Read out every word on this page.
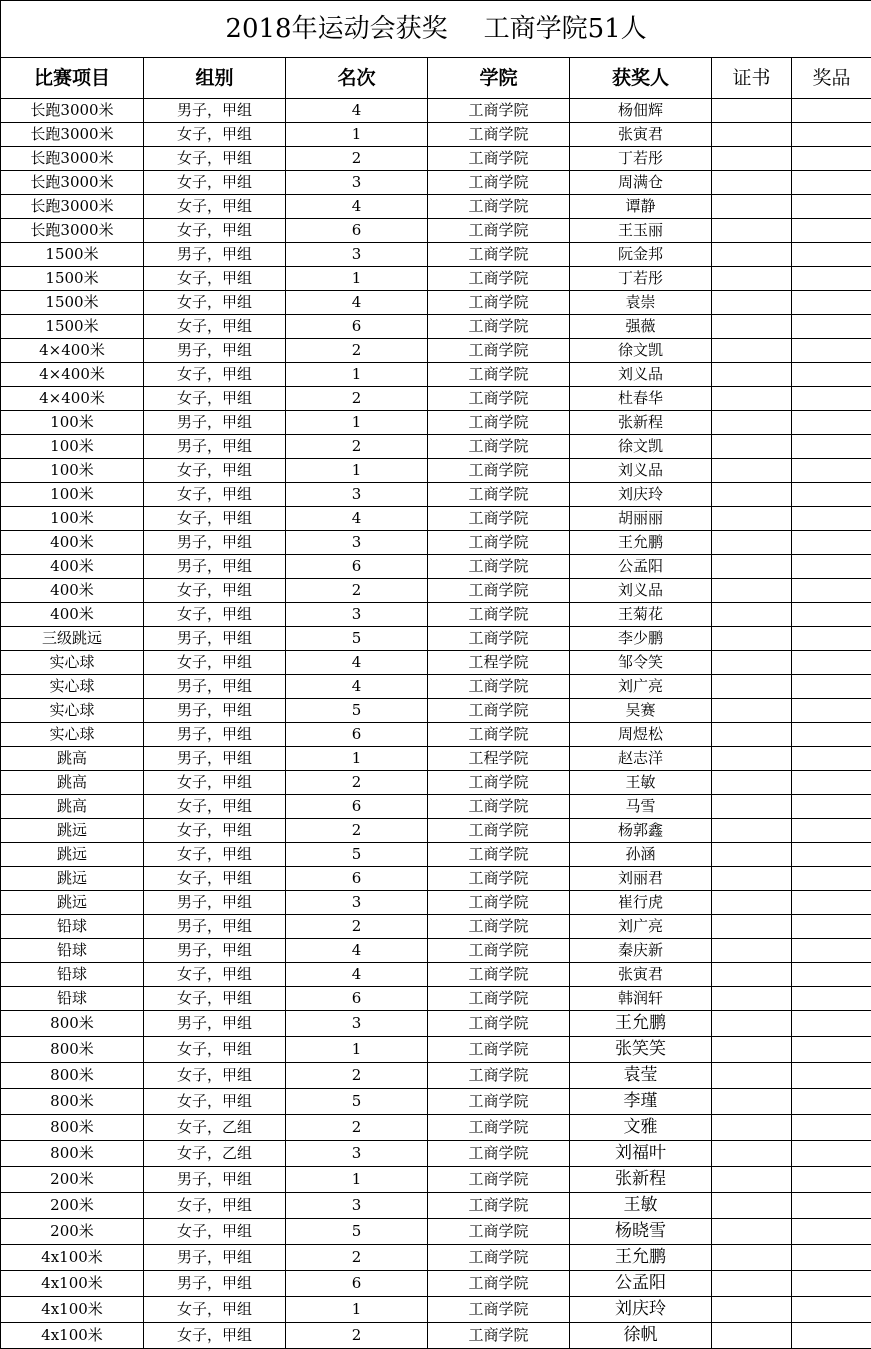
2018年运动会获奖 工商学院51人						
比赛项目	组别	名次	学院	获奖人	证书	奖品
长跑3000米	男子，甲组	4	工商学院	杨佃辉		
长跑3000米	女子，甲组	1	工商学院	张寅君		
长跑3000米	女子，甲组	2	工商学院	丁若彤		
长跑3000米	女子，甲组	3	工商学院	周满仓		
长跑3000米	女子，甲组	4	工商学院	谭静		
长跑3000米	女子，甲组	6	工商学院	王玉丽		
1500米	男子，甲组	3	工商学院	阮金邦		
1500米	女子，甲组	1	工商学院	丁若彤		
1500米	女子，甲组	4	工商学院	袁崇		
1500米	女子，甲组	6	工商学院	强薇		
4×400米	男子，甲组	2	工商学院	徐文凯		
4×400米	女子，甲组	1	工商学院	刘义品		
4×400米	女子，甲组	2	工商学院	杜春华		
100米	男子，甲组	1	工商学院	张新程		
100米	男子，甲组	2	工商学院	徐文凯		
100米	女子，甲组	1	工商学院	刘义品		
100米	女子，甲组	3	工商学院	刘庆玲		
100米	女子，甲组	4	工商学院	胡丽丽		
400米	男子，甲组	3	工商学院	王允鹏		
400米	男子，甲组	6	工商学院	公孟阳		
400米	女子，甲组	2	工商学院	刘义品		
400米	女子，甲组	3	工商学院	王菊花		
三级跳远	男子，甲组	5	工商学院	李少鹏		
实心球	女子，甲组	4	工程学院	邹令笑		
实心球	男子，甲组	4	工商学院	刘广亮		
实心球	男子，甲组	5	工商学院	吴赛		
实心球	男子，甲组	6	工商学院	周煜松		
跳高	男子，甲组	1	工程学院	赵志洋		
跳高	女子，甲组	2	工商学院	王敏		
跳高	女子，甲组	6	工商学院	马雪		
跳远	女子，甲组	2	工商学院	杨郭鑫		
跳远	女子，甲组	5	工商学院	孙涵		
跳远	女子，甲组	6	工商学院	刘丽君		
跳远	男子，甲组	3	工商学院	崔行虎		
铅球	男子，甲组	2	工商学院	刘广亮		
铅球	男子，甲组	4	工商学院	秦庆新		
铅球	女子，甲组	4	工商学院	张寅君		
铅球	女子，甲组	6	工商学院	韩润轩		
800米	男子，甲组	3	工商学院	王允鹏		
800米	女子，甲组	1	工商学院	张笑笑		
800米	女子，甲组	2	工商学院	袁莹		
800米	女子，甲组	5	工商学院	李瑾		
800米	女子，乙组	2	工商学院	文雅		
800米	女子，乙组	3	工商学院	刘福叶		
200米	男子，甲组	1	工商学院	张新程		
200米	女子，甲组	3	工商学院	王敏		
200米	女子，甲组	5	工商学院	杨晓雪		
4x100米	男子，甲组	2	工商学院	王允鹏		
4x100米	男子，甲组	6	工商学院	公孟阳		
4x100米	女子，甲组	1	工商学院	刘庆玲		
4x100米	女子，甲组	2	工商学院	徐帆		
